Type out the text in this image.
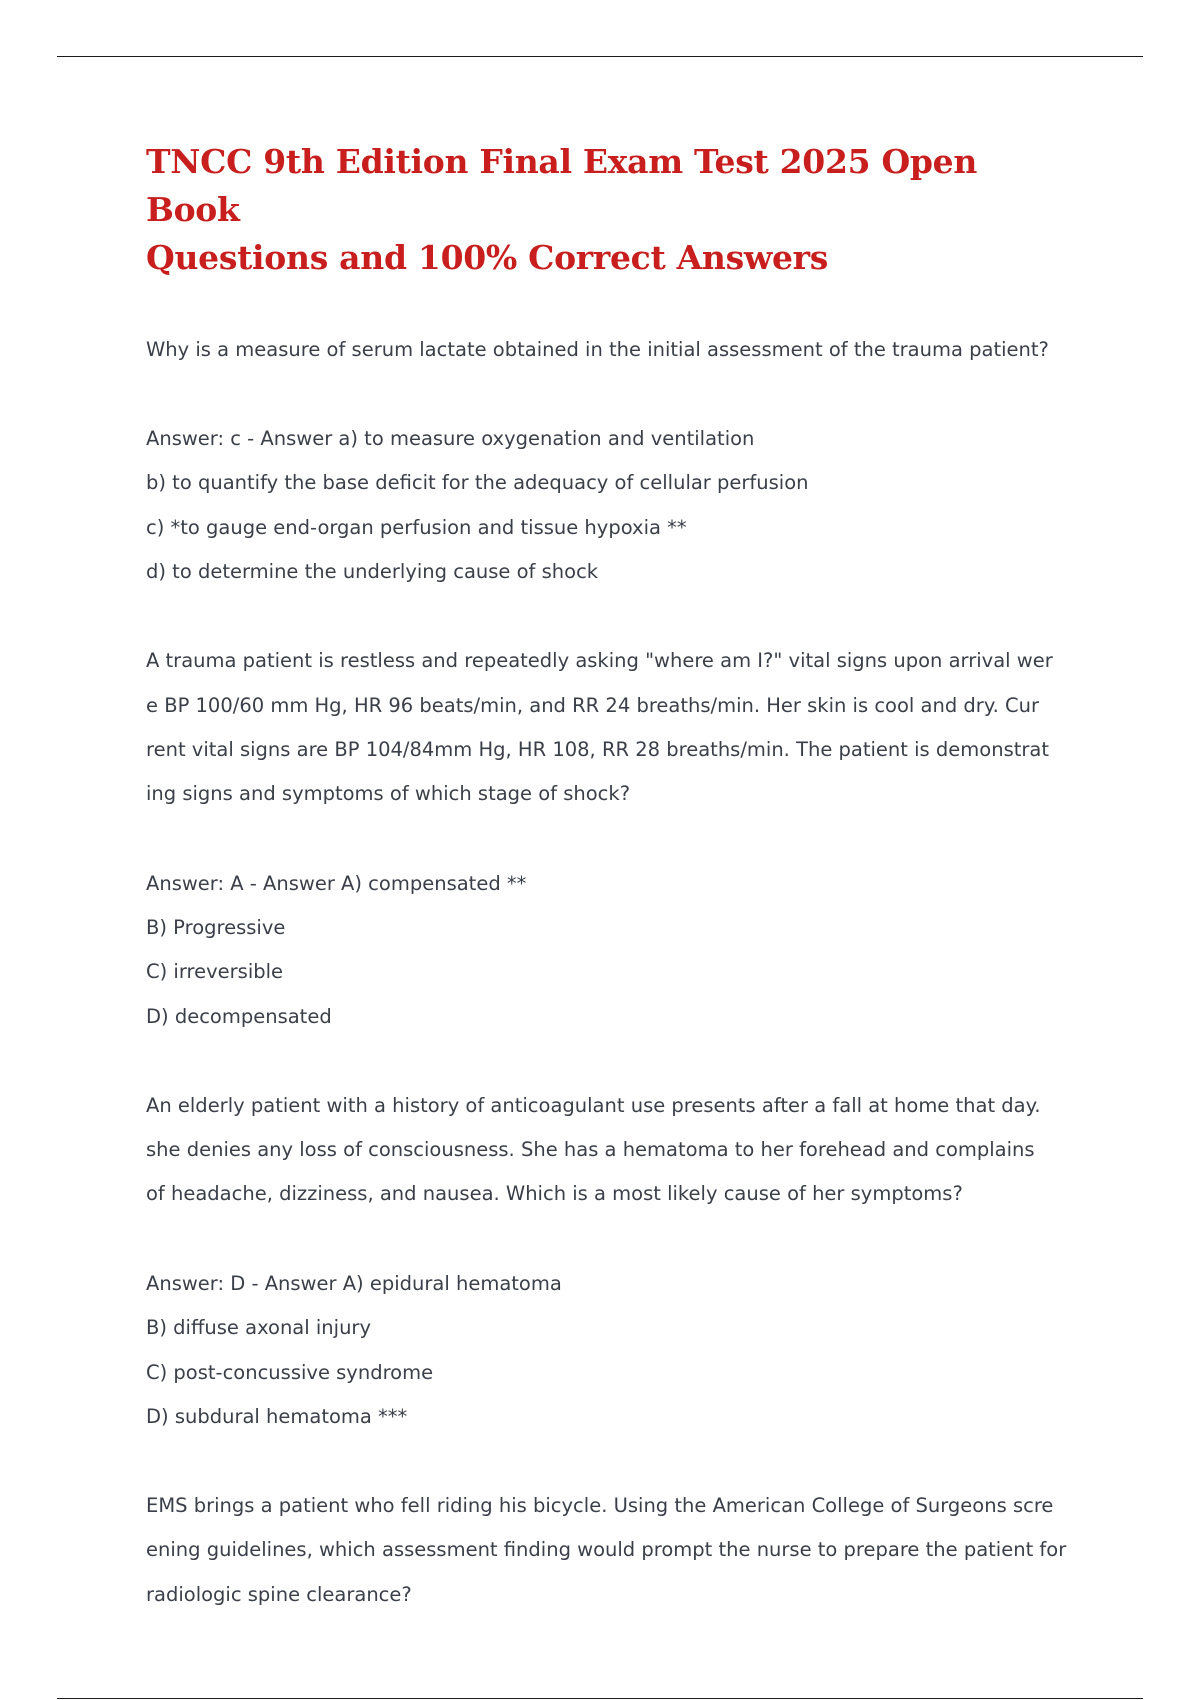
TNCC 9th Edition Final Exam Test 2025 Open Book
Questions and 100% Correct Answers

Why is a measure of serum lactate obtained in the initial assessment of the trauma patient?

Answer: c - Answer a) to measure oxygenation and ventilation

b) to quantify the base deficit for the adequacy of cellular perfusion

c) *to gauge end-organ perfusion and tissue hypoxia **

d) to determine the underlying cause of shock

A trauma patient is restless and repeatedly asking "where am I?" vital signs upon arrival wer

e BP 100/60 mm Hg, HR 96 beats/min, and RR 24 breaths/min. Her skin is cool and dry. Cur

rent vital signs are BP 104/84mm Hg, HR 108, RR 28 breaths/min. The patient is demonstrat

ing signs and symptoms of which stage of shock?

Answer: A - Answer A) compensated **

B) Progressive

C) irreversible

D) decompensated

An elderly patient with a history of anticoagulant use presents after a fall at home that day.

she denies any loss of consciousness. She has a hematoma to her forehead and complains

of headache, dizziness, and nausea. Which is a most likely cause of her symptoms?

Answer: D - Answer A) epidural hematoma

B) diffuse axonal injury

C) post-concussive syndrome

D) subdural hematoma ***

EMS brings a patient who fell riding his bicycle. Using the American College of Surgeons scre

ening guidelines, which assessment finding would prompt the nurse to prepare the patient for

radiologic spine clearance?
